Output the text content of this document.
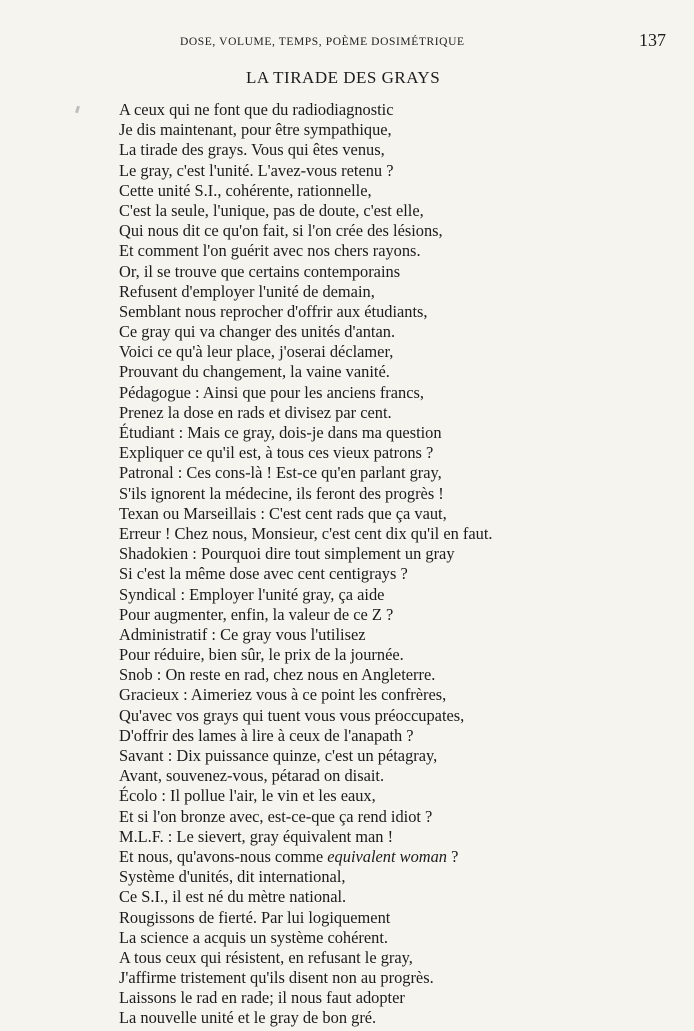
DOSE, VOLUME, TEMPS, POÈME DOSIMÉTRIQUE	137
LA TIRADE DES GRAYS
A ceux qui ne font que du radiodiagnostic
Je dis maintenant, pour être sympathique,
La tirade des grays. Vous qui êtes venus,
Le gray, c'est l'unité. L'avez-vous retenu ?
Cette unité S.I., cohérente, rationnelle,
C'est la seule, l'unique, pas de doute, c'est elle,
Qui nous dit ce qu'on fait, si l'on crée des lésions,
Et comment l'on guérit avec nos chers rayons.
Or, il se trouve que certains contemporains
Refusent d'employer l'unité de demain,
Semblant nous reprocher d'offrir aux étudiants,
Ce gray qui va changer des unités d'antan.
Voici ce qu'à leur place, j'oserai déclamer,
Prouvant du changement, la vaine vanité.
Pédagogue : Ainsi que pour les anciens francs,
Prenez la dose en rads et divisez par cent.
Étudiant : Mais ce gray, dois-je dans ma question
Expliquer ce qu'il est, à tous ces vieux patrons ?
Patronal : Ces cons-là ! Est-ce qu'en parlant gray,
S'ils ignorent la médecine, ils feront des progrès !
Texan ou Marseillais : C'est cent rads que ça vaut,
Erreur ! Chez nous, Monsieur, c'est cent dix qu'il en faut.
Shadokien : Pourquoi dire tout simplement un gray
Si c'est la même dose avec cent centigrays ?
Syndical : Employer l'unité gray, ça aide
Pour augmenter, enfin, la valeur de ce Z ?
Administratif : Ce gray vous l'utilisez
Pour réduire, bien sûr, le prix de la journée.
Snob : On reste en rad, chez nous en Angleterre.
Gracieux : Aimeriez vous à ce point les confrères,
Qu'avec vos grays qui tuent vous vous préoccupates,
D'offrir des lames à lire à ceux de l'anapath ?
Savant : Dix puissance quinze, c'est un pétagray,
Avant, souvenez-vous, pétarad on disait.
Écolo : Il pollue l'air, le vin et les eaux,
Et si l'on bronze avec, est-ce-que ça rend idiot ?
M.L.F. : Le sievert, gray équivalent man !
Et nous, qu'avons-nous comme equivalent woman ?
Système d'unités, dit international,
Ce S.I., il est né du mètre national.
Rougissons de fierté. Par lui logiquement
La science a acquis un système cohérent.
A tous ceux qui résistent, en refusant le gray,
J'affirme tristement qu'ils disent non au progrès.
Laissons le rad en rade; il nous faut adopter
La nouvelle unité et le gray de bon gré.
